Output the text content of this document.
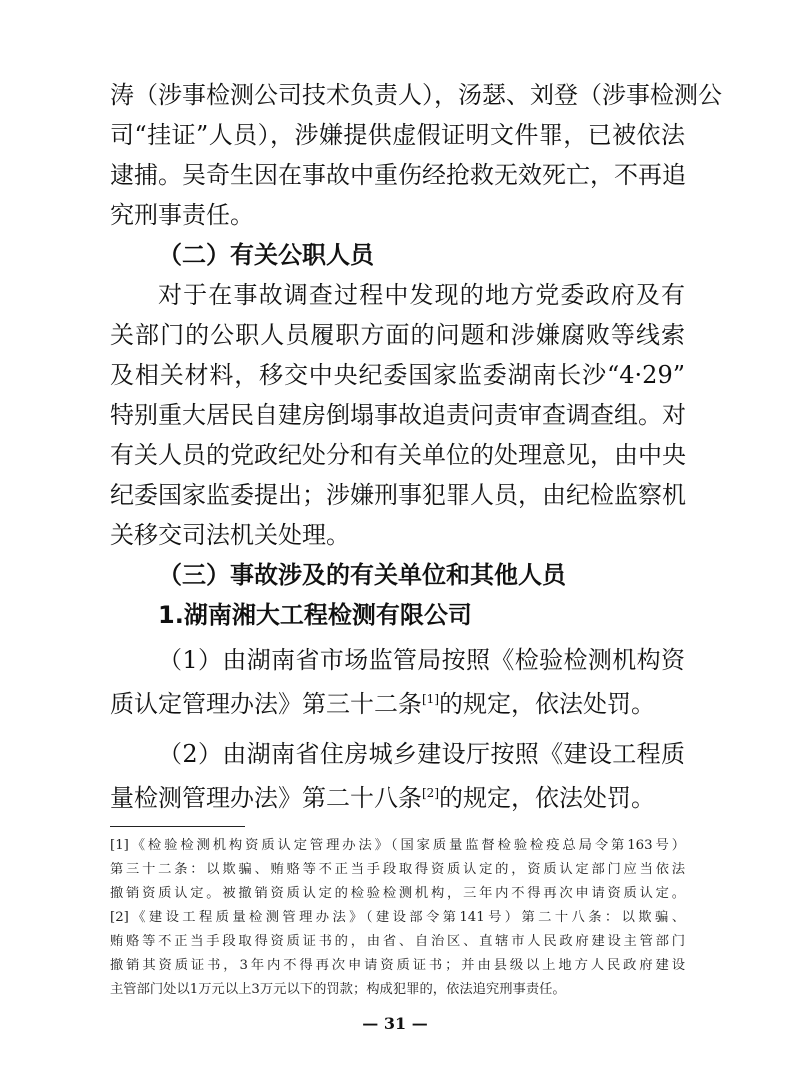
涛（涉事检测公司技术负责人），汤瑟、刘登（涉事检测公
司“挂证”人员），涉嫌提供虚假证明文件罪，已被依法
逮捕。吴奇生因在事故中重伤经抢救无效死亡，不再追
究刑事责任。
（二）有关公职人员
对于在事故调查过程中发现的地方党委政府及有
关部门的公职人员履职方面的问题和涉嫌腐败等线索
及相关材料，移交中央纪委国家监委湖南长沙“4·29”
特别重大居民自建房倒塌事故追责问责审查调查组。对
有关人员的党政纪处分和有关单位的处理意见，由中央
纪委国家监委提出；涉嫌刑事犯罪人员，由纪检监察机
关移交司法机关处理。
（三）事故涉及的有关单位和其他人员
1.湖南湘大工程检测有限公司
（1）由湖南省市场监管局按照《检验检测机构资
质认定管理办法》第三十二条[1]的规定，依法处罚。
（2）由湖南省住房城乡建设厅按照《建设工程质
量检测管理办法》第二十八条[2]的规定，依法处罚。
[1]《检验检测机构资质认定管理办法》（国家质量监督检验检疫总局令第163号）
第三十二条：以欺骗、贿赂等不正当手段取得资质认定的，资质认定部门应当依法
撤销资质认定。被撤销资质认定的检验检测机构，三年内不得再次申请资质认定。
[2]《建设工程质量检测管理办法》（建设部令第141号）第二十八条：以欺骗、
贿赂等不正当手段取得资质证书的，由省、自治区、直辖市人民政府建设主管部门
撤销其资质证书，3年内不得再次申请资质证书；并由县级以上地方人民政府建设
主管部门处以1万元以上3万元以下的罚款；构成犯罪的，依法追究刑事责任。
— 31 —
